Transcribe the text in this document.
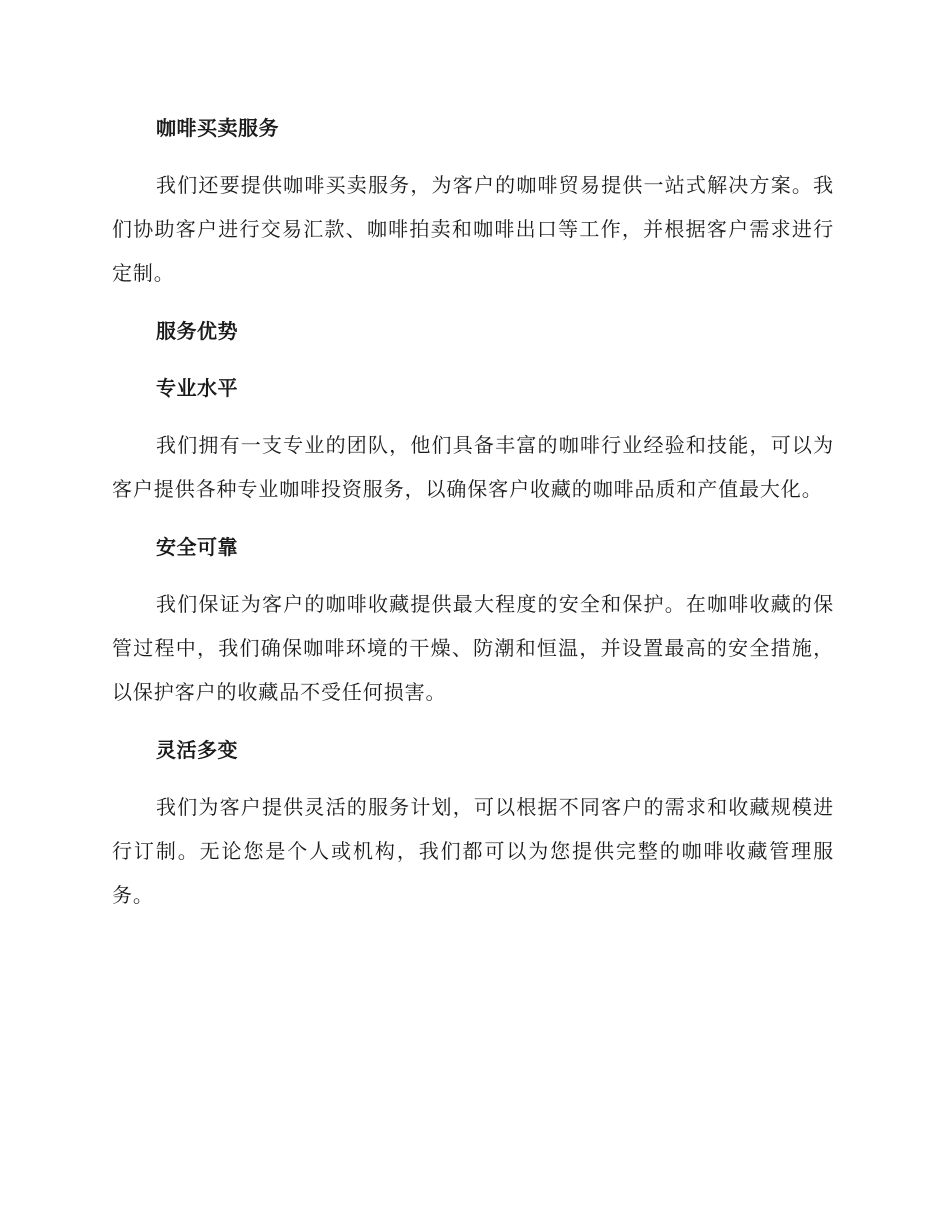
咖啡买卖服务

我们还要提供咖啡买卖服务，为客户的咖啡贸易提供一站式解决方案。我们协助客户进行交易汇款、咖啡拍卖和咖啡出口等工作，并根据客户需求进行定制。

服务优势
专业水平

我们拥有一支专业的团队，他们具备丰富的咖啡行业经验和技能，可以为客户提供各种专业咖啡投资服务，以确保客户收藏的咖啡品质和产值最大化。

安全可靠

我们保证为客户的咖啡收藏提供最大程度的安全和保护。在咖啡收藏的保管过程中，我们确保咖啡环境的干燥、防潮和恒温，并设置最高的安全措施，以保护客户的收藏品不受任何损害。

灵活多变

我们为客户提供灵活的服务计划，可以根据不同客户的需求和收藏规模进行订制。无论您是个人或机构，我们都可以为您提供完整的咖啡收藏管理服务。
